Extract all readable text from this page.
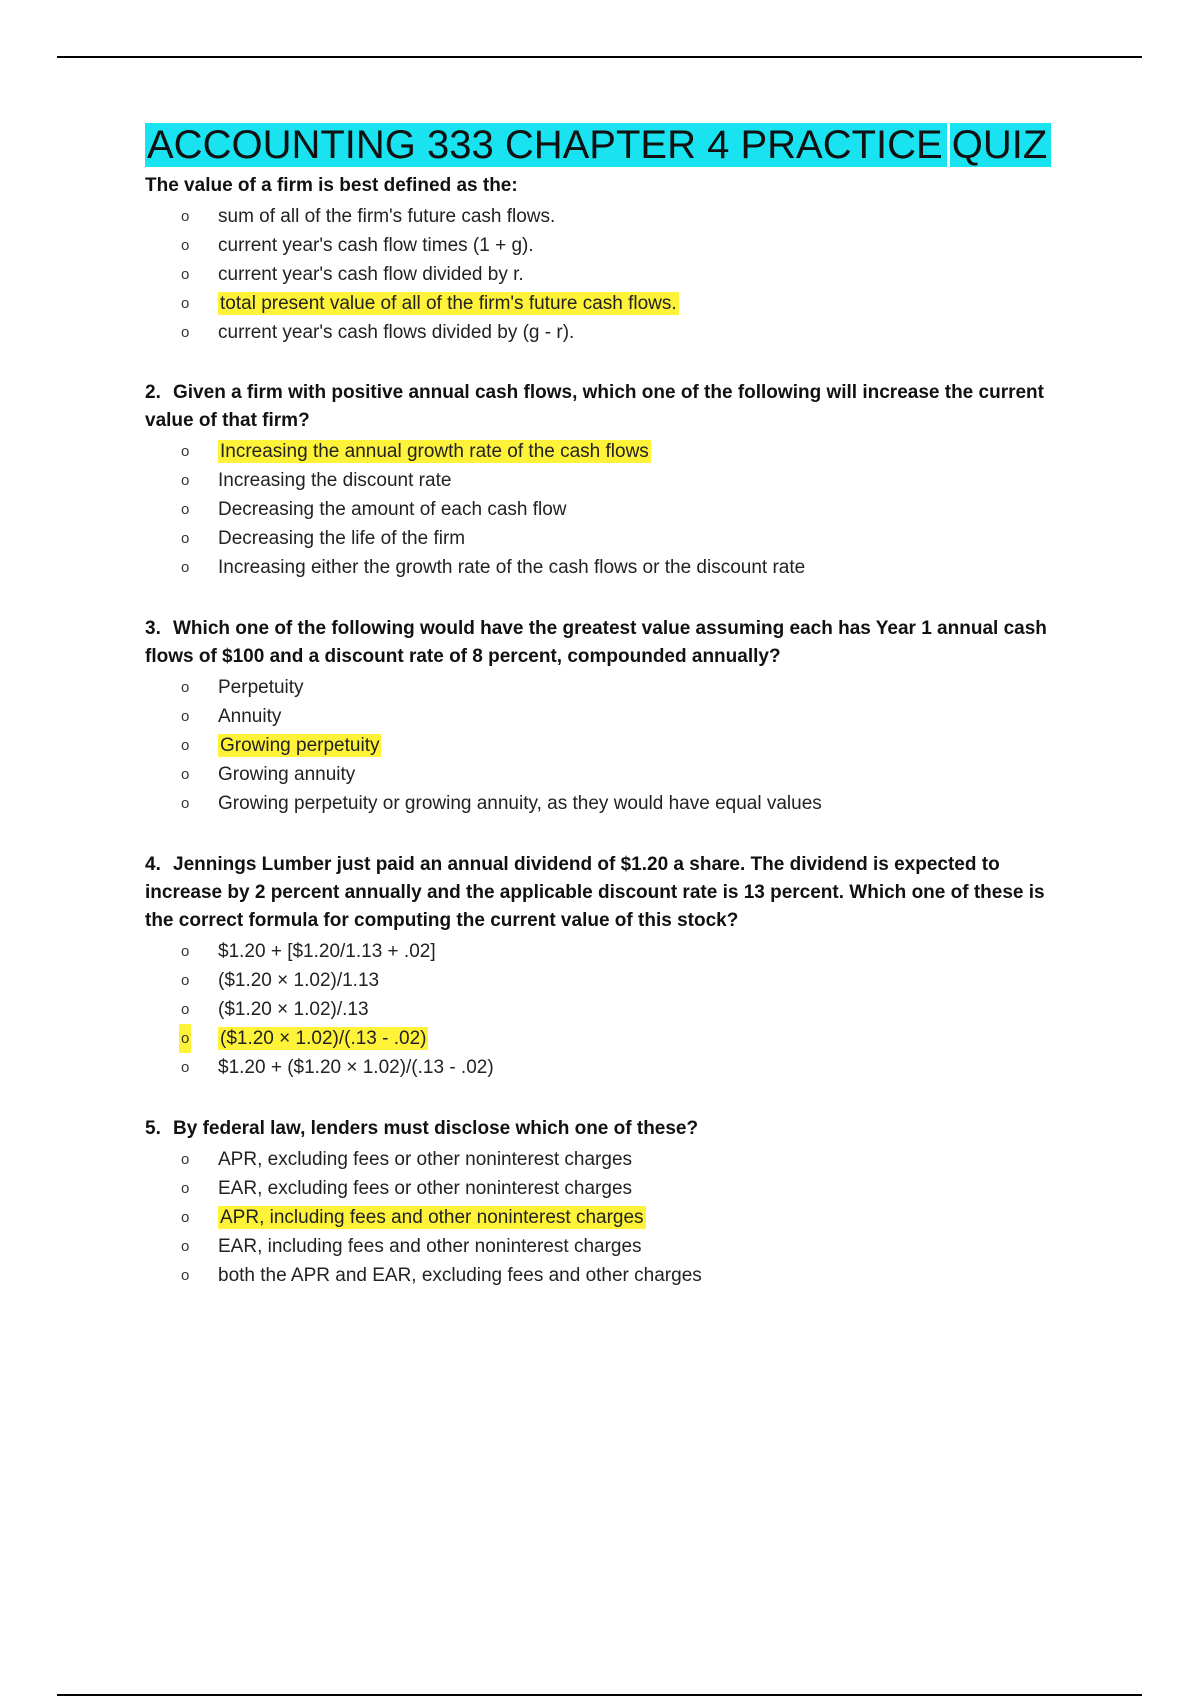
ACCOUNTING 333 CHAPTER 4 PRACTICE QUIZ

The value of a firm is best defined as the:

o sum of all of the firm's future cash flows.
o current year's cash flow times (1 + g).
o current year's cash flow divided by r.
o total present value of all of the firm's future cash flows.
o current year's cash flows divided by (g - r).

2. Given a firm with positive annual cash flows, which one of the following will increase the current value of that firm?

o Increasing the annual growth rate of the cash flows
o Increasing the discount rate
o Decreasing the amount of each cash flow
o Decreasing the life of the firm
o Increasing either the growth rate of the cash flows or the discount rate

3. Which one of the following would have the greatest value assuming each has Year 1 annual cash flows of $100 and a discount rate of 8 percent, compounded annually?

o Perpetuity
o Annuity
o Growing perpetuity
o Growing annuity
o Growing perpetuity or growing annuity, as they would have equal values

4. Jennings Lumber just paid an annual dividend of $1.20 a share. The dividend is expected to increase by 2 percent annually and the applicable discount rate is 13 percent. Which one of these is the correct formula for computing the current value of this stock?

o $1.20 + [$1.20/1.13 + .02]
o ($1.20 × 1.02)/1.13
o ($1.20 × 1.02)/.13
o ($1.20 × 1.02)/(.13 - .02)
o $1.20 + ($1.20 × 1.02)/(.13 - .02)

5. By federal law, lenders must disclose which one of these?

o APR, excluding fees or other noninterest charges
o EAR, excluding fees or other noninterest charges
o APR, including fees and other noninterest charges
o EAR, including fees and other noninterest charges
o both the APR and EAR, excluding fees and other charges
